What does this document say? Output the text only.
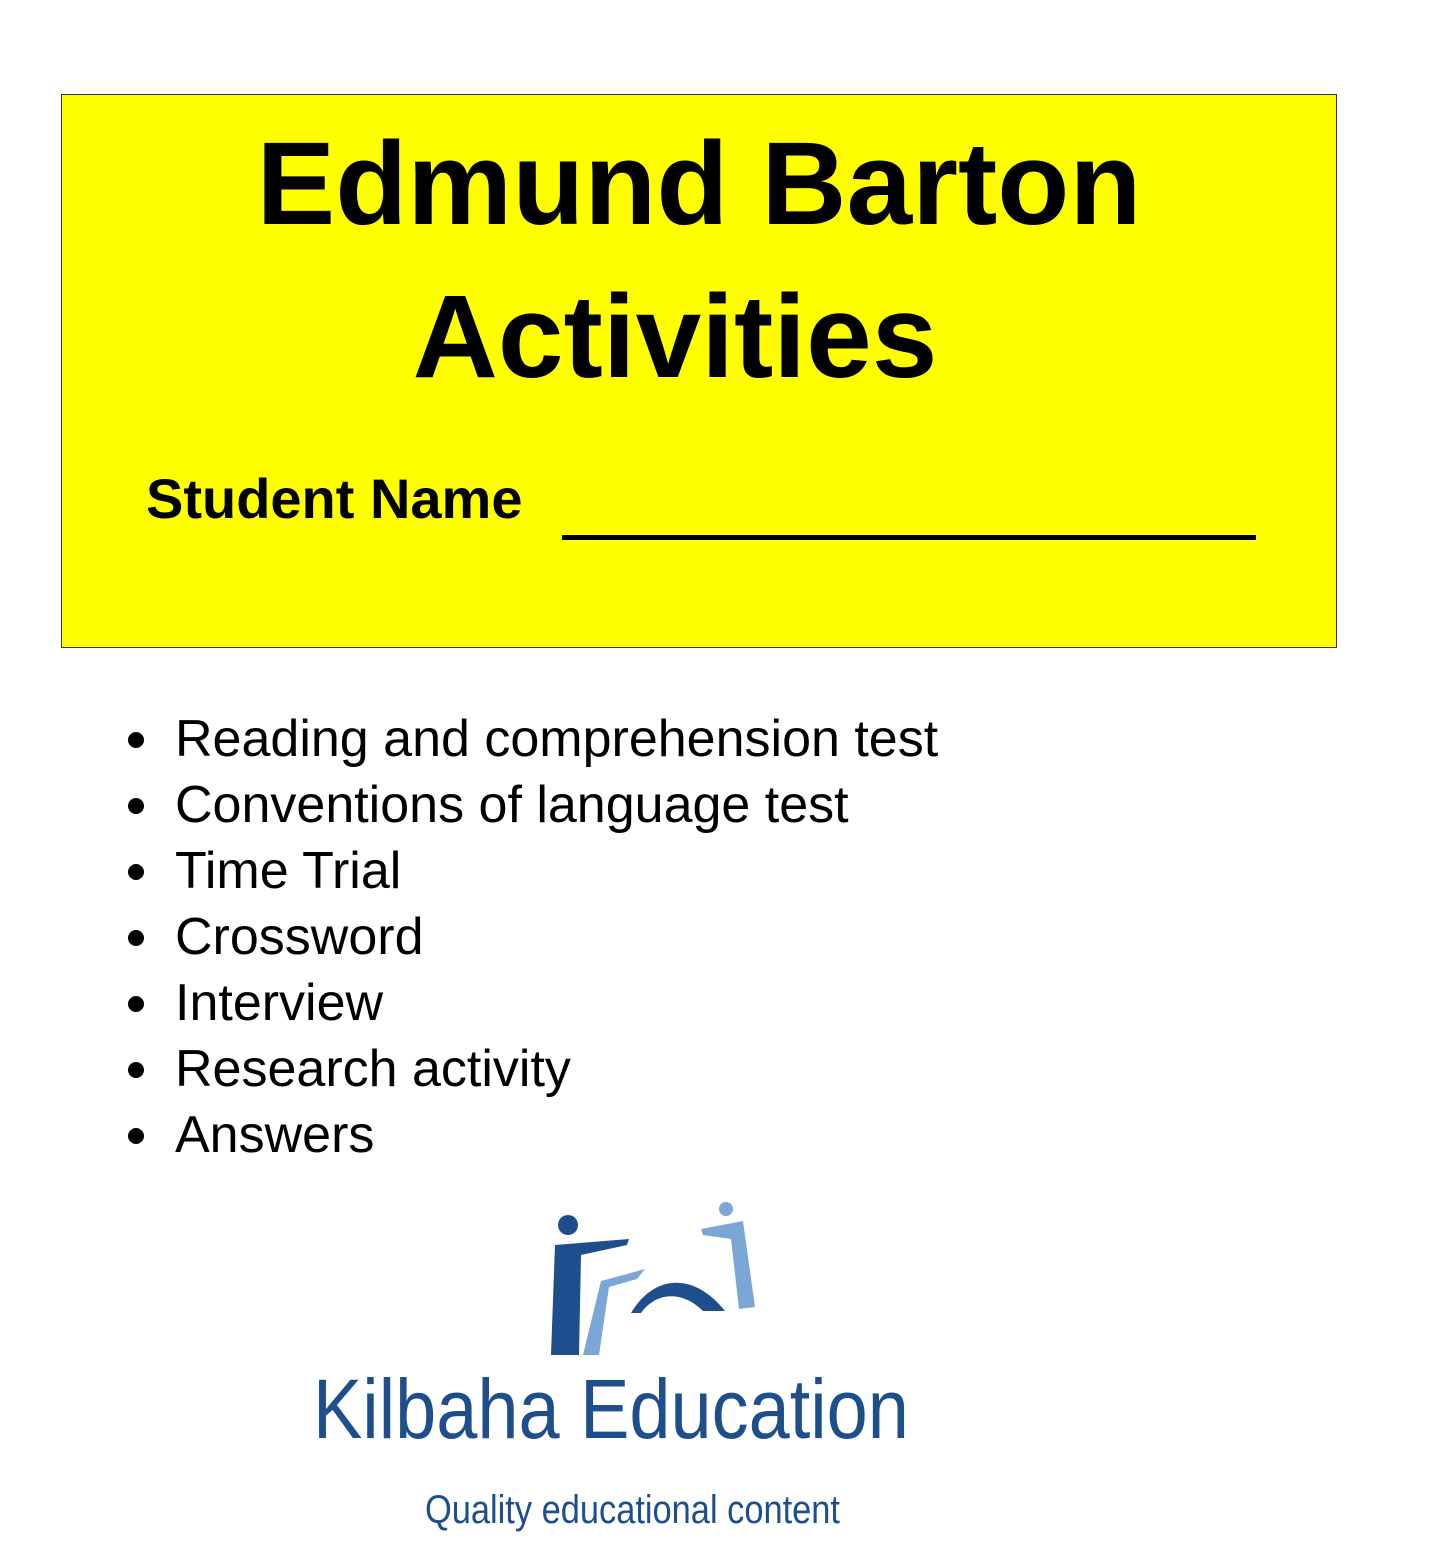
Edmund Barton
Activities
Student Name
Reading and comprehension test
Conventions of language test
Time Trial
Crossword
Interview
Research activity
Answers
Kilbaha Education
Quality educational content
